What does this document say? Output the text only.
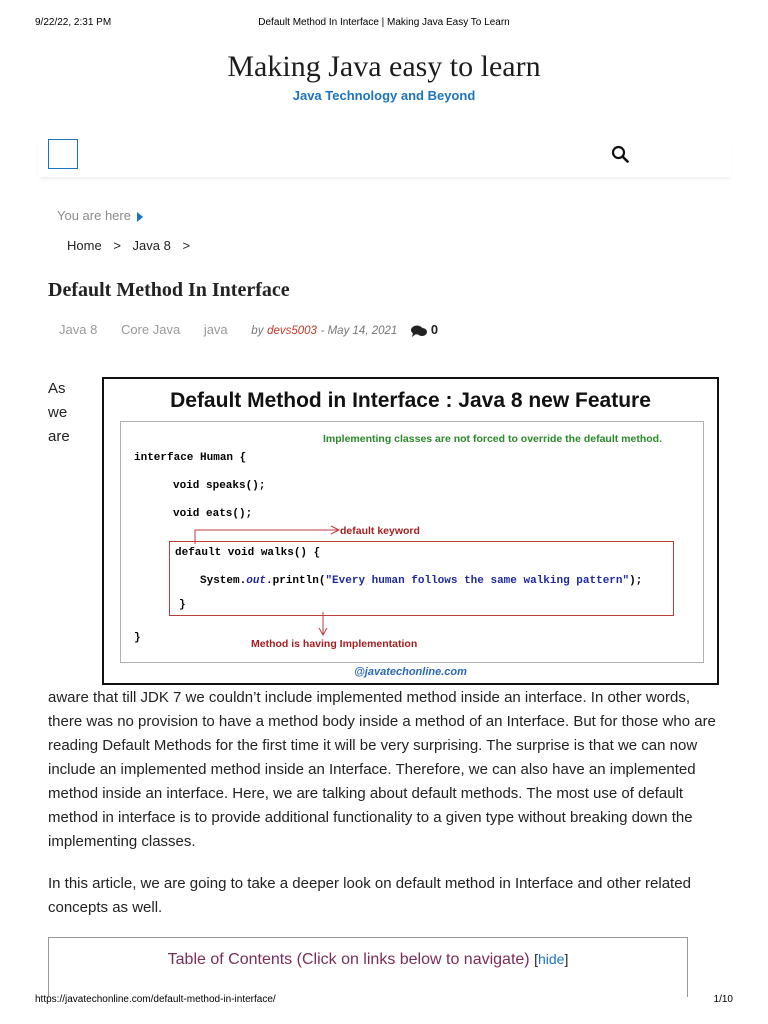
9/22/22, 2:31 PM	Default Method In Interface | Making Java Easy To Learn
Making Java easy to learn
Java Technology and Beyond
You are here
Home > Java 8 >
Default Method In Interface
Java 8 Core Java java by devs5003 - May 14, 2021	0
As
we
are
Default Method in Interface : Java 8 new Feature
Implementing classes are not forced to override the default method.
interface Human {
void speaks();
void eats();
default keyword
default void walks() {
System.out.println("Every human follows the same walking pattern");
}
}	Method is having Implementation
@javatechonline.com

aware that till JDK 7 we couldn’t include implemented method inside an interface. In other words, there was no provision to have a method body inside a method of an Interface. But for those who are reading Default Methods for the first time it will be very surprising. The surprise is that we can now include an implemented method inside an Interface. Therefore, we can also have an implemented method inside an interface. Here, we are talking about default methods. The most use of default method in interface is to provide additional functionality to a given type without breaking down the implementing classes.

In this article, we are going to take a deeper look on default method in Interface and other related concepts as well.

Table of Contents (Click on links below to navigate) [hide]
https://javatechonline.com/default-method-in-interface/	1/10
